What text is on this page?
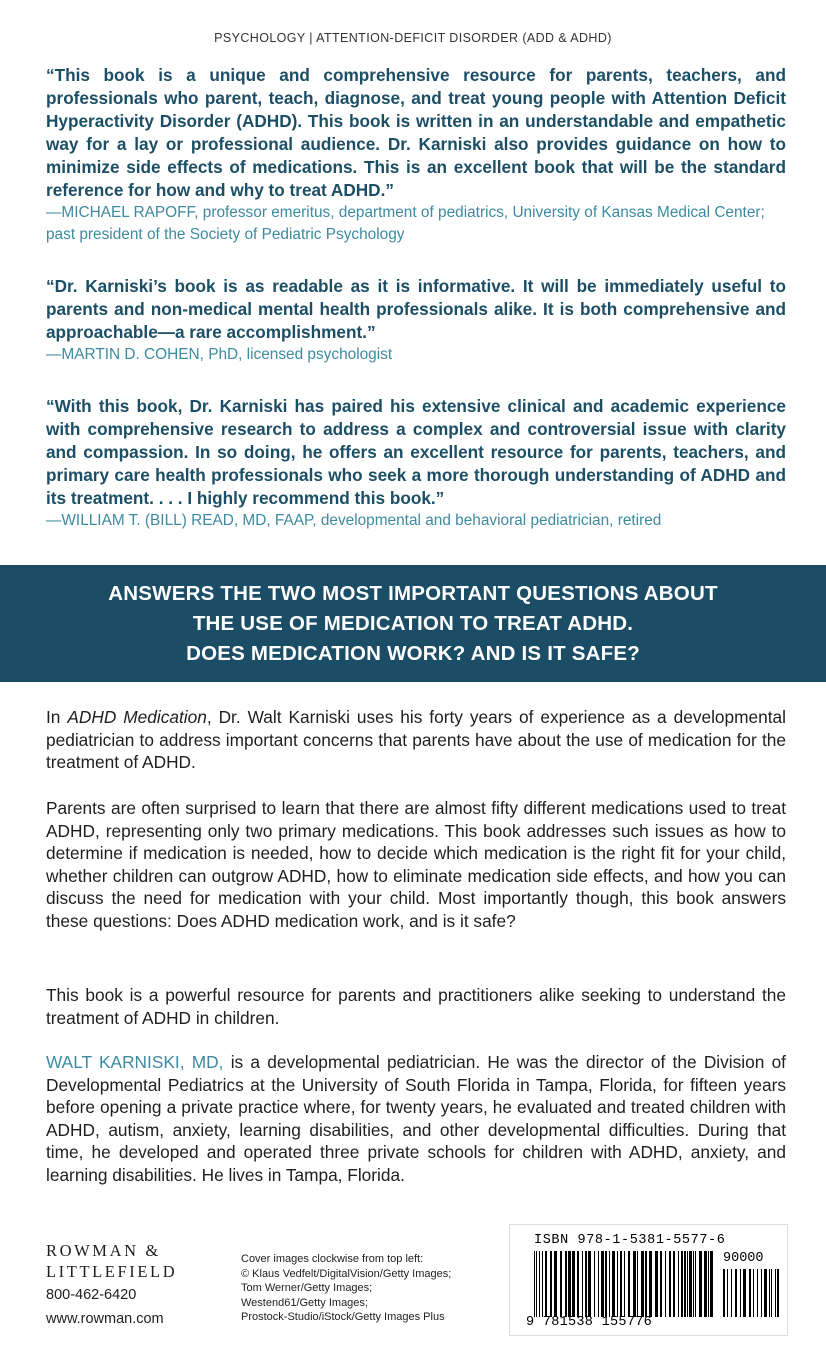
PSYCHOLOGY | ATTENTION-DEFICIT DISORDER (ADD & ADHD)

“This book is a unique and comprehensive resource for parents, teachers, and professionals who parent, teach, diagnose, and treat young people with Attention Deficit Hyperactivity Disorder (ADHD). This book is written in an understandable and empathetic way for a lay or professional audience. Dr. Karniski also provides guidance on how to minimize side effects of medications. This is an excellent book that will be the standard reference for how and why to treat ADHD.”

—MICHAEL RAPOFF, professor emeritus, department of pediatrics, University of Kansas Medical Center; past president of the Society of Pediatric Psychology

“Dr. Karniski’s book is as readable as it is informative. It will be immediately useful to parents and non-medical mental health professionals alike. It is both comprehensive and approachable—a rare accomplishment.”

—MARTIN D. COHEN, PhD, licensed psychologist

“With this book, Dr. Karniski has paired his extensive clinical and academic experience with comprehensive research to address a complex and controversial issue with clarity and compassion. In so doing, he offers an excellent resource for parents, teachers, and primary care health professionals who seek a more thorough understanding of ADHD and its treatment. . . . I highly recommend this book.”

—WILLIAM T. (BILL) READ, MD, FAAP, developmental and behavioral pediatrician, retired

ANSWERS THE TWO MOST IMPORTANT QUESTIONS ABOUT
THE USE OF MEDICATION TO TREAT ADHD.
DOES MEDICATION WORK? AND IS IT SAFE?

In ADHD Medication, Dr. Walt Karniski uses his forty years of experience as a developmental pediatrician to address important concerns that parents have about the use of medication for the treatment of ADHD.

Parents are often surprised to learn that there are almost fifty different medications used to treat ADHD, representing only two primary medications. This book addresses such issues as how to determine if medication is needed, how to decide which medication is the right fit for your child, whether children can outgrow ADHD, how to eliminate medication side effects, and how you can discuss the need for medication with your child. Most importantly though, this book answers these questions: Does ADHD medication work, and is it safe?

This book is a powerful resource for parents and practitioners alike seeking to understand the treatment of ADHD in children.

WALT KARNISKI, MD, is a developmental pediatrician. He was the director of the Division of Developmental Pediatrics at the University of South Florida in Tampa, Florida, for fifteen years before opening a private practice where, for twenty years, he evaluated and treated children with ADHD, autism, anxiety, learning disabilities, and other developmental difficulties. During that time, he developed and operated three private schools for children with ADHD, anxiety, and learning disabilities. He lives in Tampa, Florida.

ROWMAN &
LITTLEFIELD
800-462-6420
www.rowman.com
Cover images clockwise from top left:
© Klaus Vedfelt/DigitalVision/Getty Images;
Tom Werner/Getty Images;
Westend61/Getty Images;
Prostock-Studio/iStock/Getty Images Plus
ISBN 978-1-5381-5577-6
90000
9 781538 155776
